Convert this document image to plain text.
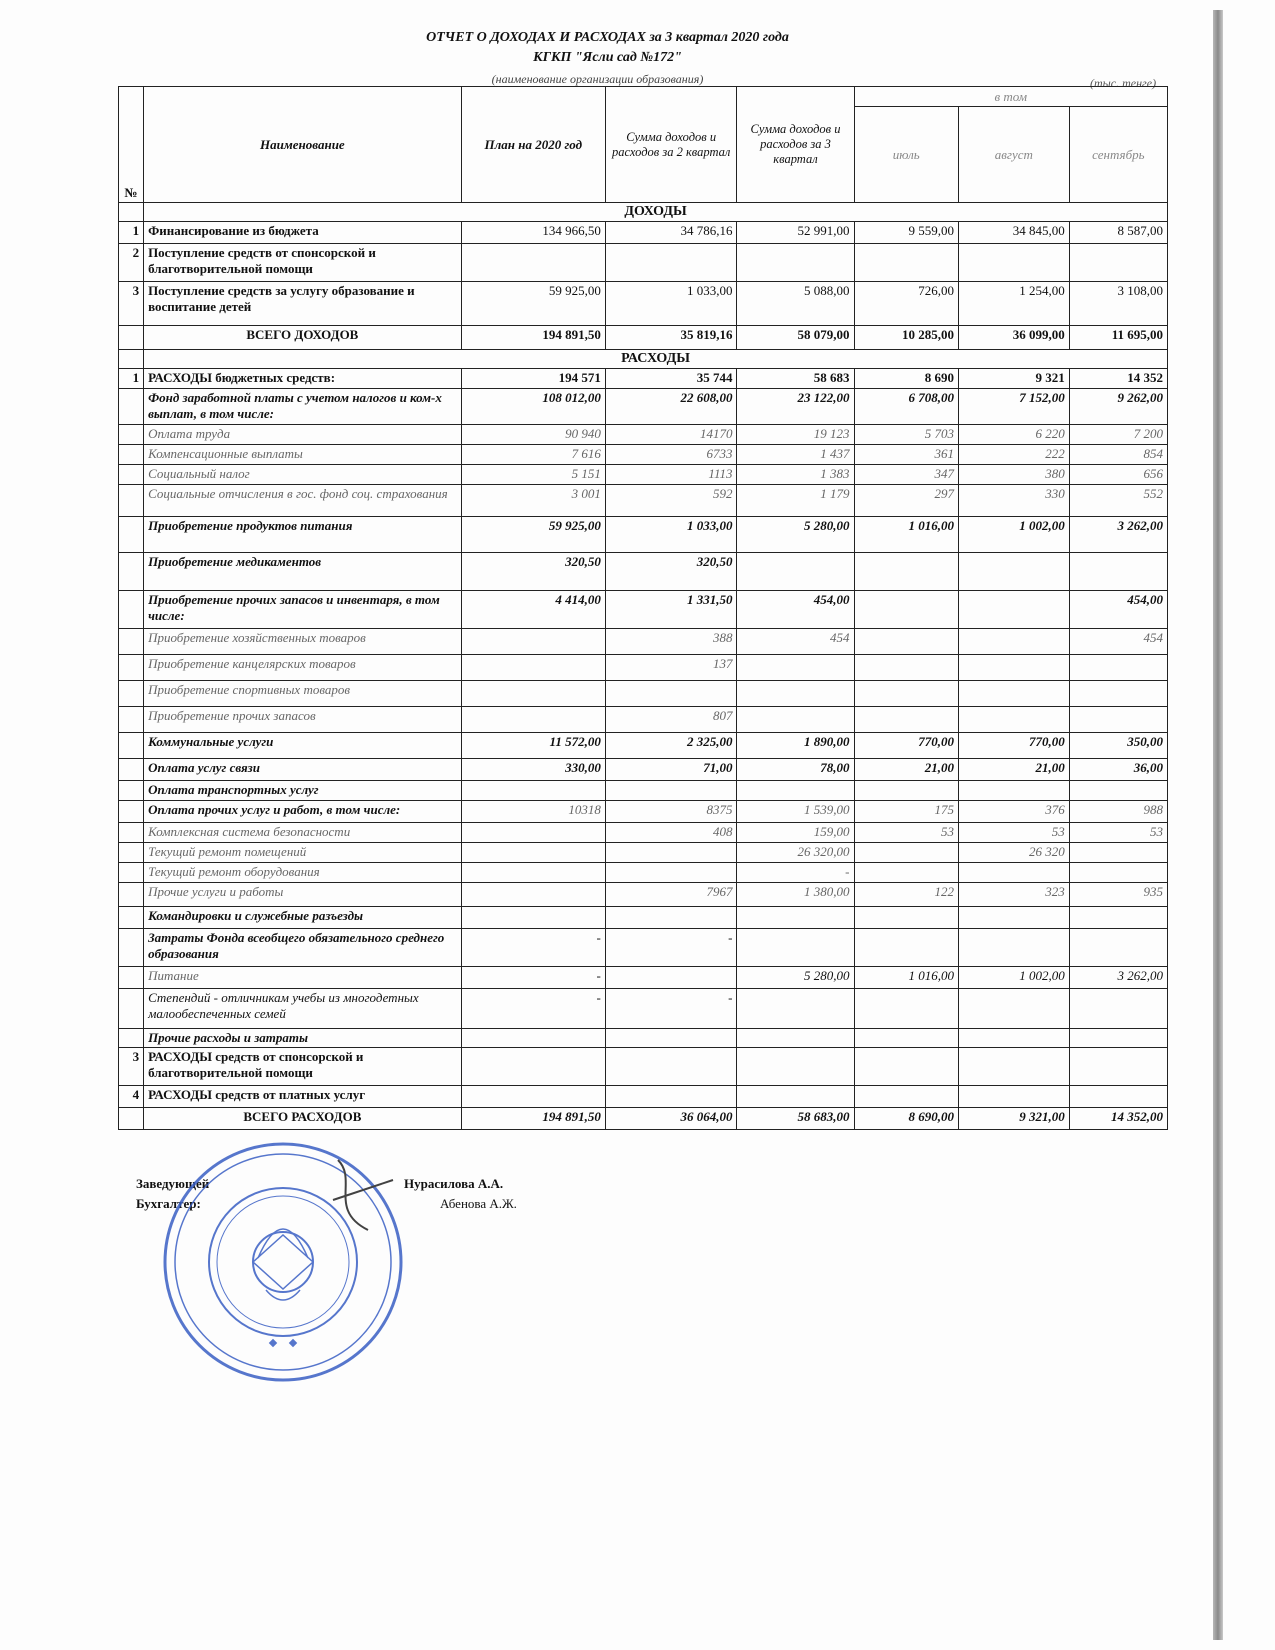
ОТЧЕТ О ДОХОДАХ И РАСХОДАХ за 3 квартал 2020 года
КГКП "Ясли сад №172"
(наименование организации образования)	(тыс. тенге)
№	Наименование	План на 2020 год	Сумма доходов и расходов за 2 квартал	Сумма доходов и расходов за 3 квартал	в том		
					июль	август	сентябрь
	ДОХОДЫ						
1	Финансирование из бюджета	134 966,50	34 786,16	52 991,00	9 559,00	34 845,00	8 587,00
2	Поступление средств от спонсорской и благотворительной помощи						
3	Поступление средств за услугу образование и воспитание детей	59 925,00	1 033,00	5 088,00	726,00	1 254,00	3 108,00
	ВСЕГО ДОХОДОВ	194 891,50	35 819,16	58 079,00	10 285,00	36 099,00	11 695,00
	РАСХОДЫ						
1	РАСХОДЫ бюджетных средств:	194 571	35 744	58 683	8 690	9 321	14 352
	Фонд заработной платы с учетом налогов и ком-х выплат, в том числе:	108 012,00	22 608,00	23 122,00	6 708,00	7 152,00	9 262,00
	Оплата труда	90 940	14170	19 123	5 703	6 220	7 200
	Компенсационные выплаты	7 616	6733	1 437	361	222	854
	Социальный налог	5 151	1113	1 383	347	380	656
	Социальные отчисления в гос. фонд соц. страхования	3 001	592	1 179	297	330	552
	Приобретение продуктов питания	59 925,00	1 033,00	5 280,00	1 016,00	1 002,00	3 262,00
	Приобретение медикаментов	320,50	320,50				
	Приобретение прочих запасов и инвентаря, в том числе:	4 414,00	1 331,50	454,00			454,00
	Приобретение хозяйственных товаров		388	454			454
	Приобретение канцелярских товаров		137				
	Приобретение спортивных товаров						
	Приобретение прочих запасов		807				
	Коммунальные услуги	11 572,00	2 325,00	1 890,00	770,00	770,00	350,00
	Оплата услуг связи	330,00	71,00	78,00	21,00	21,00	36,00
	Оплата транспортных услуг						
	Оплата прочих услуг и работ, в том числе:	10318	8375	1 539,00	175	376	988
	Комплексная система безопасности		408	159,00	53	53	53
	Текущий ремонт помещений			26 320,00		26 320	
	Текущий ремонт оборудования			-			
	Прочие услуги и работы		7967	1 380,00	122	323	935
	Командировки и служебные разъезды						
	Затраты Фонда всеобщего обязательного среднего образования	-	-				
	Питание	-		5 280,00	1 016,00	1 002,00	3 262,00
	Степендий - отличникам учебы из многодетных малообеспеченных семей	-	-				
	Прочие расходы и затраты						
3	РАСХОДЫ средств от спонсорской и благотворительной помощи						
4	РАСХОДЫ средств от платных услуг						
	ВСЕГО РАСХОДОВ	194 891,50	36 064,00	58 683,00	8 690,00	9 321,00	14 352,00
Заведующей	Нурасилова А.А.
Бухгалтер:	Абенова А.Ж.
